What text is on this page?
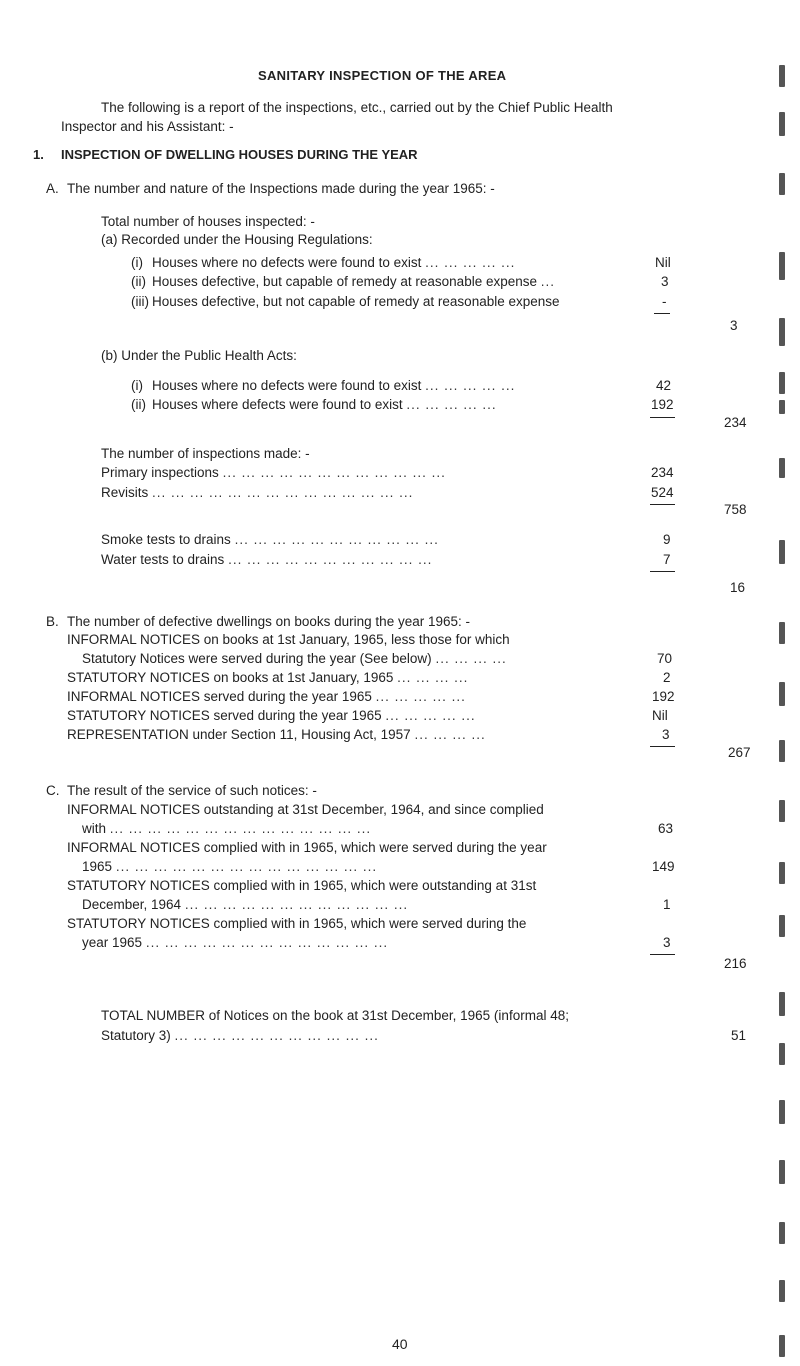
SANITARY INSPECTION OF THE AREA
The following is a report of the inspections, etc., carried out by the Chief Public Health
Inspector and his Assistant: -
1. INSPECTION OF DWELLING HOUSES DURING THE YEAR
A. The number and nature of the Inspections made during the year 1965: -
Total number of houses inspected: -
(a) Recorded under the Housing Regulations:
(i) Houses where no defects were found to exist ... ... ... ... ...	Nil
(ii) Houses defective, but capable of remedy at reasonable expense ...	3
(iii) Houses defective, but not capable of remedy at reasonable expense	-
3
(b) Under the Public Health Acts:
(i) Houses where no defects were found to exist ... ... ... ... ...	42
(ii) Houses where defects were found to exist ... ... ... ... ...	192
234
The number of inspections made: -
Primary inspections ... ... ... ... ... ... ... ... ... ... ... ...	234
Revisits ... ... ... ... ... ... ... ... ... ... ... ... ... ...	524
758
Smoke tests to drains ... ... ... ... ... ... ... ... ... ... ...	9
Water tests to drains ... ... ... ... ... ... ... ... ... ... ...	7
16
B. The number of defective dwellings on books during the year 1965: -
INFORMAL NOTICES on books at 1st January, 1965, less those for which
Statutory Notices were served during the year (See below) ... ... ... ...	70
STATUTORY NOTICES on books at 1st January, 1965 ... ... ... ...	2
INFORMAL NOTICES served during the year 1965 ... ... ... ... ...	192
STATUTORY NOTICES served during the year 1965 ... ... ... ... ...	Nil
REPRESENTATION under Section 11, Housing Act, 1957 ... ... ... ...	3
267
C. The result of the service of such notices: -
INFORMAL NOTICES outstanding at 31st December, 1964, and since complied
with ... ... ... ... ... ... ... ... ... ... ... ... ... ...	63
INFORMAL NOTICES complied with in 1965, which were served during the year
1965 ... ... ... ... ... ... ... ... ... ... ... ... ... ...	149
STATUTORY NOTICES complied with in 1965, which were outstanding at 31st
December, 1964 ... ... ... ... ... ... ... ... ... ... ... ...	1
STATUTORY NOTICES complied with in 1965, which were served during the
year 1965 ... ... ... ... ... ... ... ... ... ... ... ... ...	3
216
TOTAL NUMBER of Notices on the book at 31st December, 1965 (informal 48;
Statutory 3) ... ... ... ... ... ... ... ... ... ... ...	51
40
